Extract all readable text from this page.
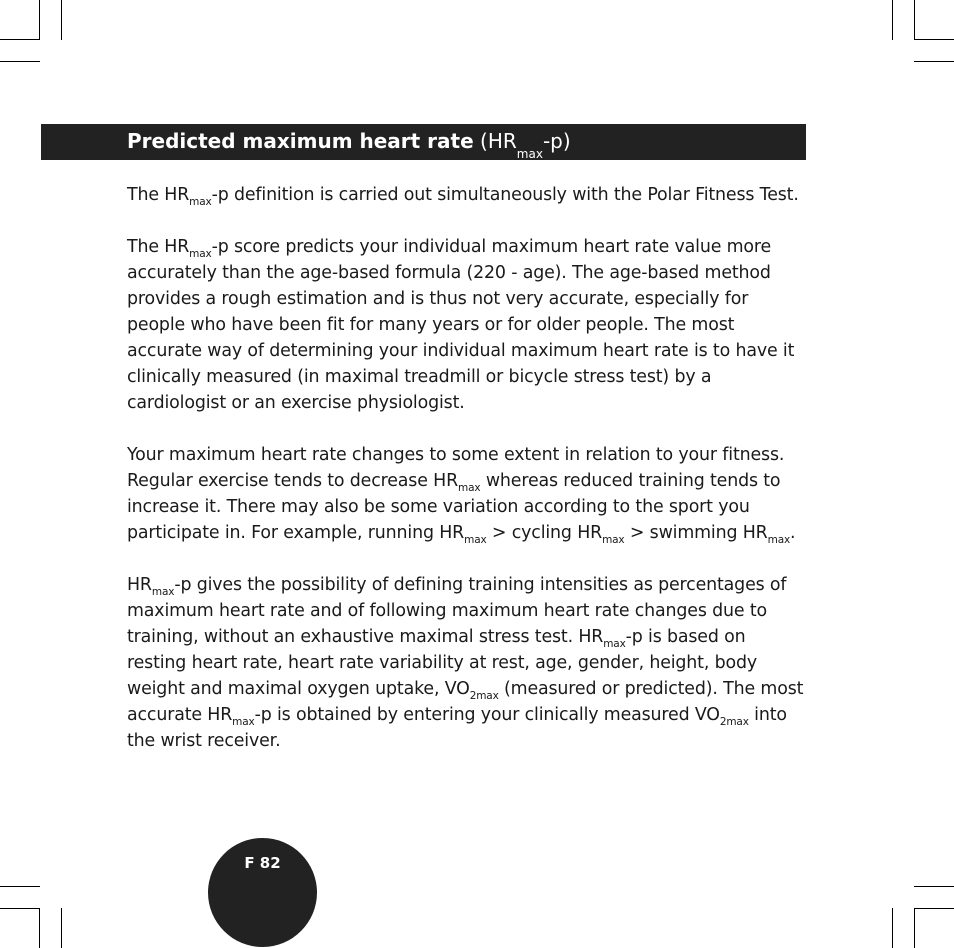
Predicted maximum heart rate $(HR_{max}-p)$

The $HR_{max}-p$ definition is carried out simultaneously with the Polar Fitness Test.

The $HR_{max}-p$ score predicts your individual maximum heart rate value more accurately than the age-based formula (220 - age). The age-based method provides a rough estimation and is thus not very accurate, especially for people who have been fit for many years or for older people. The most accurate way of determining your individual maximum heart rate is to have it clinically measured (in maximal treadmill or bicycle stress test) by a cardiologist or an exercise physiologist.

Your maximum heart rate changes to some extent in relation to your fitness. Regular exercise tends to decrease $HR_{max}$ whereas reduced training tends to increase it. There may also be some variation according to the sport you participate in. For example, running $HR_{max}$ > cycling $HR_{max}$ > swimming $HR_{max}$.

$HR_{max}-p$ gives the possibility of defining training intensities as percentages of maximum heart rate and of following maximum heart rate changes due to training, without an exhaustive maximal stress test. $HR_{max}-p$ is based on resting heart rate, heart rate variability at rest, age, gender, height, body weight and maximal oxygen uptake, $VO_{2max}$ (measured or predicted). The most accurate $HR_{max}-p$ is obtained by entering your clinically measured $VO_{2max}$ into the wrist receiver.

F 82
